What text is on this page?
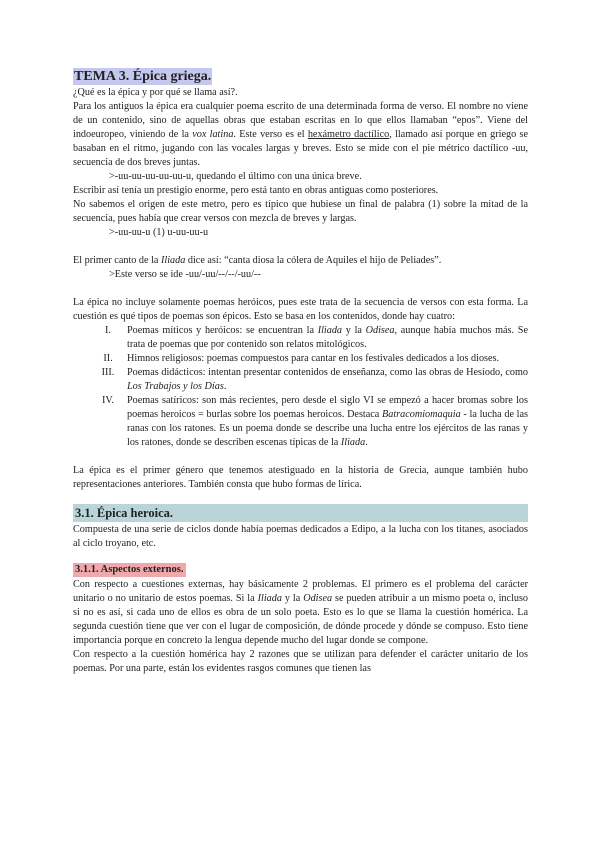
TEMA 3. Épica griega.

¿Qué es la épica y por qué se llama así?.

Para los antiguos la épica era cualquier poema escrito de una determinada forma de verso. El nombre no viene de un contenido, sino de aquellas obras que estaban escritas en lo que ellos llamaban “epos”. Viene del indoeuropeo, viniendo de la vox latina. Este verso es el hexámetro dactílico, llamado así porque en griego se basaban en el ritmo, jugando con las vocales largas y breves. Esto se mide con el pie métrico dactílico -uu, secuencia de dos breves juntas.

>-uu-uu-uu-uu-uu-u, quedando el último con una única breve.

Escribir así tenía un prestigio enorme, pero está tanto en obras antiguas como posteriores.

No sabemos el origen de este metro, pero es típico que hubiese un final de palabra (1) sobre la mitad de la secuencia, pues había que crear versos con mezcla de breves y largas.

>-uu-uu-u (1) u-uu-uu-u

El primer canto de la Iliada dice así: “canta diosa la cólera de Aquiles el hijo de Peliades”.

>Este verso se ide -uu/-uu/--/--/-uu/--

La épica no incluye solamente poemas heróicos, pues este trata de la secuencia de versos con esta forma. La cuestión es qué tipos de poemas son épicos. Esto se basa en los contenidos, donde hay cuatro:

I.	Poemas míticos y heróicos: se encuentran la Iliada y la Odisea, aunque había muchos más. Se trata de poemas que por contenido son relatos mitológicos.
II.	Himnos religiosos: poemas compuestos para cantar en los festivales dedicados a los dioses.
III.	Poemas didácticos: intentan presentar contenidos de enseñanza, como las obras de Hesíodo, como Los Trabajos y los Días.
IV.	Poemas satíricos: son más recientes, pero desde el siglo VI se empezó a hacer bromas sobre los poemas heroicos = burlas sobre los poemas heroicos. Destaca Batracomiomaquia - la lucha de las ranas con los ratones. Es un poema donde se describe una lucha entre los ejércitos de las ranas y los ratones, donde se describen escenas típicas de la Iliada.

La épica es el primer género que tenemos atestiguado en la historia de Grecia, aunque también hubo representaciones anteriores. También consta que hubo formas de lírica.

3.1. Épica heroica.

Compuesta de una serie de ciclos donde había poemas dedicados a Edipo, a la lucha con los titanes, asociados al ciclo troyano, etc.

3.1.1. Aspectos externos.

Con respecto a cuestiones externas, hay básicamente 2 problemas. El primero es el problema del carácter unitario o no unitario de estos poemas. Si la Iliada y la Odisea se pueden atribuir a un mismo poeta o, incluso si no es así, si cada uno de ellos es obra de un solo poeta. Esto es lo que se llama la cuestión homérica. La segunda cuestión tiene que ver con el lugar de composición, de dónde procede y dónde se compuso. Esto tiene importancia porque en concreto la lengua depende mucho del lugar donde se compone.

Con respecto a la cuestión homérica hay 2 razones que se utilizan para defender el carácter unitario de los poemas. Por una parte, están los evidentes rasgos comunes que tienen las
